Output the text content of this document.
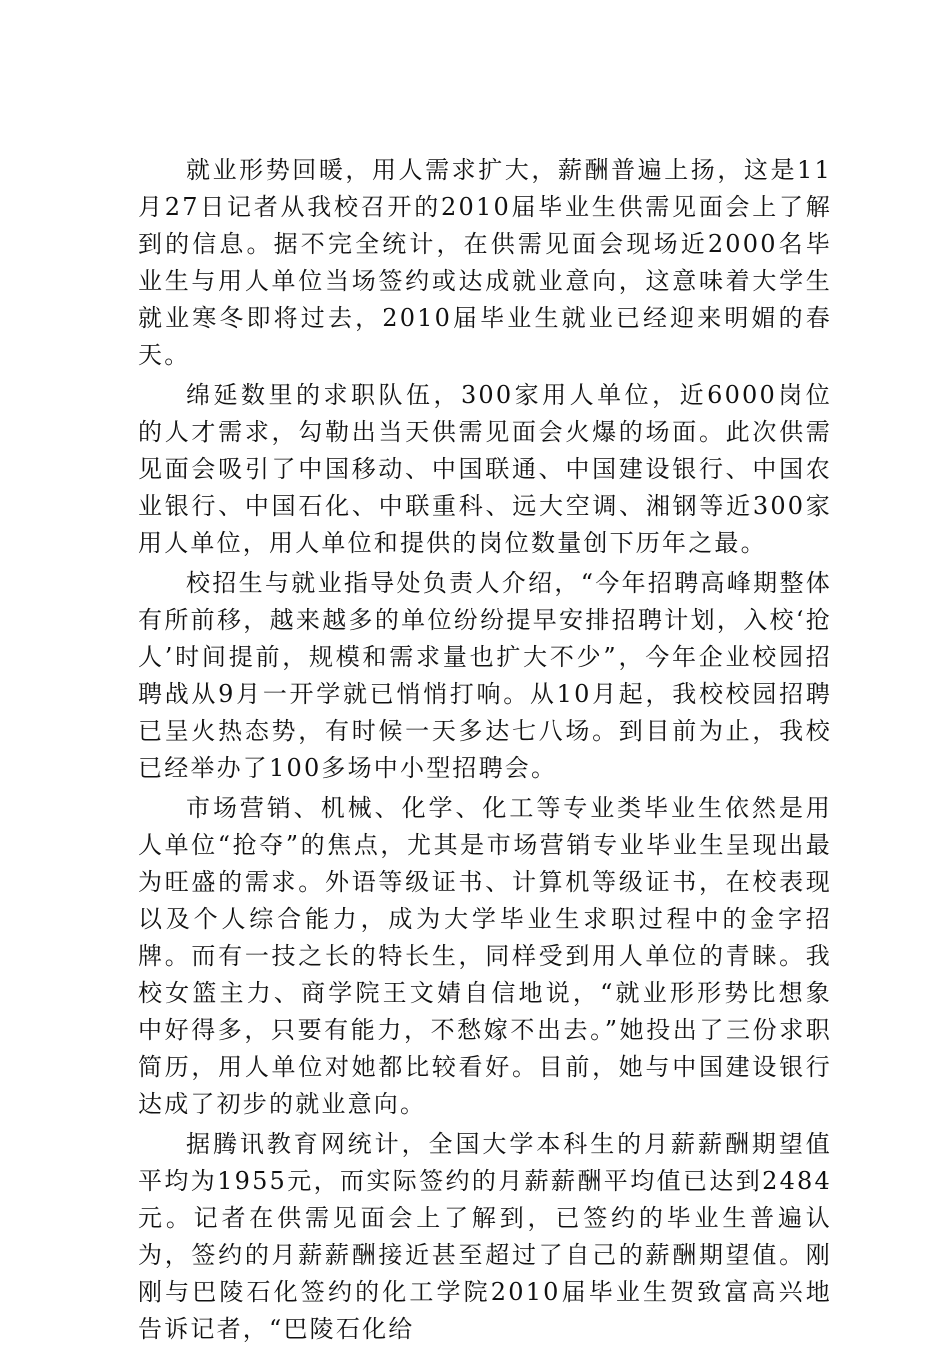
就业形势回暖，用人需求扩大，薪酬普遍上扬，这是11月27日记者从我校召开的2010届毕业生供需见面会上了解到的信息。据不完全统计，在供需见面会现场近2000名毕业生与用人单位当场签约或达成就业意向，这意味着大学生就业寒冬即将过去，2010届毕业生就业已经迎来明媚的春天。

绵延数里的求职队伍，300家用人单位，近6000岗位的人才需求，勾勒出当天供需见面会火爆的场面。此次供需见面会吸引了中国移动、中国联通、中国建设银行、中国农业银行、中国石化、中联重科、远大空调、湘钢等近300家用人单位，用人单位和提供的岗位数量创下历年之最。

校招生与就业指导处负责人介绍，“今年招聘高峰期整体有所前移，越来越多的单位纷纷提早安排招聘计划，入校‘抢人’时间提前，规模和需求量也扩大不少”，今年企业校园招聘战从9月一开学就已悄悄打响。从10月起，我校校园招聘已呈火热态势，有时候一天多达七八场。到目前为止，我校已经举办了100多场中小型招聘会。

市场营销、机械、化学、化工等专业类毕业生依然是用人单位“抢夺”的焦点，尤其是市场营销专业毕业生呈现出最为旺盛的需求。外语等级证书、计算机等级证书，在校表现以及个人综合能力，成为大学毕业生求职过程中的金字招牌。而有一技之长的特长生，同样受到用人单位的青睐。我校女篮主力、商学院王文婧自信地说，“就业形形势比想象中好得多，只要有能力，不愁嫁不出去。”她投出了三份求职简历，用人单位对她都比较看好。目前，她与中国建设银行达成了初步的就业意向。

据腾讯教育网统计，全国大学本科生的月薪薪酬期望值平均为1955元，而实际签约的月薪薪酬平均值已达到2484元。记者在供需见面会上了解到，已签约的毕业生普遍认为，签约的月薪薪酬接近甚至超过了自己的薪酬期望值。刚刚与巴陵石化签约的化工学院2010届毕业生贺致富高兴地告诉记者，“巴陵石化给
